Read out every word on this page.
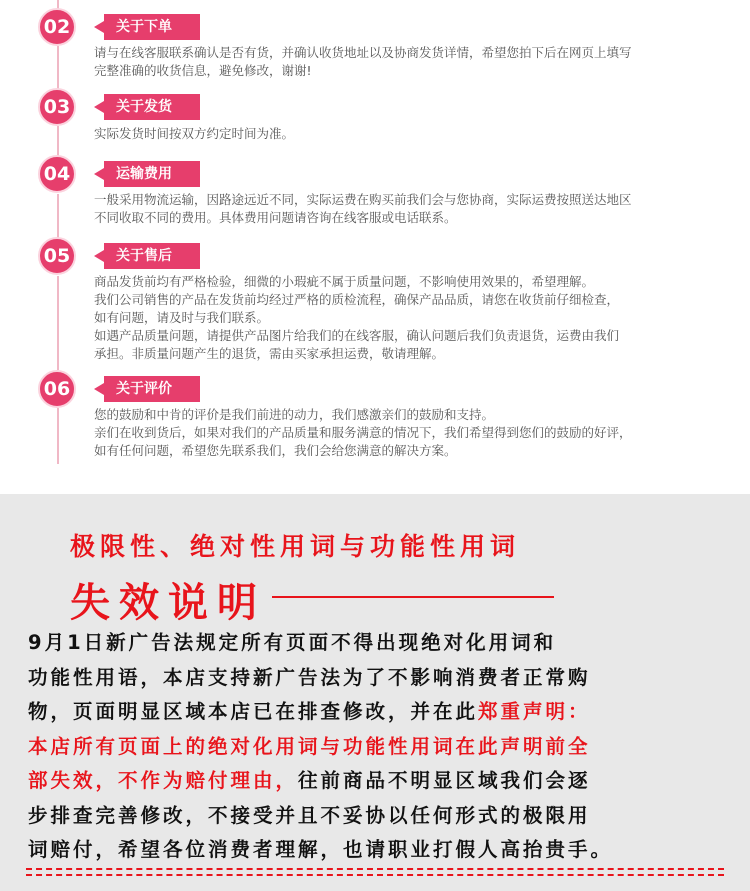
02	关于下单
请与在线客服联系确认是否有货，并确认收货地址以及协商发货详情，希望您拍下后在网页上填写
完整准确的收货信息，避免修改，谢谢!
03	关于发货
实际发货时间按双方约定时间为准。
04	运输费用
一般采用物流运输，因路途远近不同，实际运费在购买前我们会与您协商，实际运费按照送达地区
不同收取不同的费用。具体费用问题请咨询在线客服或电话联系。
05	关于售后
商品发货前均有严格检验，细微的小瑕疵不属于质量问题，不影响使用效果的，希望理解。
我们公司销售的产品在发货前均经过严格的质检流程，确保产品品质，请您在收货前仔细检查，
如有问题，请及时与我们联系。
如遇产品质量问题，请提供产品图片给我们的在线客服，确认问题后我们负责退货，运费由我们
承担。非质量问题产生的退货，需由买家承担运费，敬请理解。
06	关于评价
您的鼓励和中肯的评价是我们前进的动力，我们感激亲们的鼓励和支持。
亲们在收到货后，如果对我们的产品质量和服务满意的情况下，我们希望得到您们的鼓励的好评，
如有任何问题，希望您先联系我们，我们会给您满意的解决方案。
极限性、绝对性用词与功能性用词
失效说明
9月1日新广告法规定所有页面不得出现绝对化用词和
功能性用语，本店支持新广告法为了不影响消费者正常购
物，页面明显区域本店已在排查修改，并在此郑重声明：
本店所有页面上的绝对化用词与功能性用词在此声明前全
部失效，不作为赔付理由，往前商品不明显区域我们会逐
步排查完善修改，不接受并且不妥协以任何形式的极限用
词赔付，希望各位消费者理解，也请职业打假人高抬贵手。
